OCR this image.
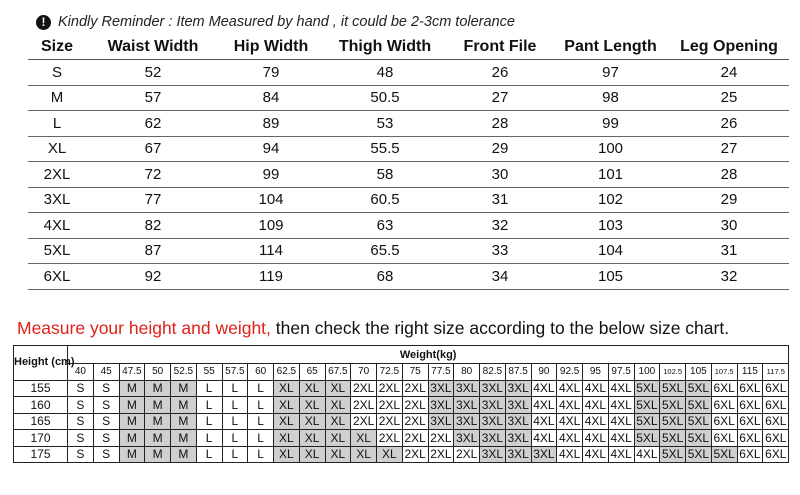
! Kindly Reminder : Item Measured by hand , it could be 2-3cm tolerance
Size	Waist Width	Hip Width	Thigh Width	Front File	Pant Length	Leg Opening
S	52	79	48	26	97	24
M	57	84	50.5	27	98	25
L	62	89	53	28	99	26
XL	67	94	55.5	29	100	27
2XL	72	99	58	30	101	28
3XL	77	104	60.5	31	102	29
4XL	82	109	63	32	103	30
5XL	87	114	65.5	33	104	31
6XL	92	119	68	34	105	32
Measure your height and weight, then check the right size according to the below size chart.
Height (cm)	Weight(kg)																											
	40	45	47.5	50	52.5	55	57.5	60	62.5	65	67.5	70	72.5	75	77.5	80	82.5	87.5	90	92.5	95	97.5	100	102.5	105	107.5	115	117.5
155	S	S	M	M	M	L	L	L	XL	XL	XL	2XL	2XL	2XL	3XL	3XL	3XL	3XL	4XL	4XL	4XL	4XL	5XL	5XL	5XL	6XL	6XL	6XL
160	S	S	M	M	M	L	L	L	XL	XL	XL	2XL	2XL	2XL	3XL	3XL	3XL	3XL	4XL	4XL	4XL	4XL	5XL	5XL	5XL	6XL	6XL	6XL
165	S	S	M	M	M	L	L	L	XL	XL	XL	2XL	2XL	2XL	3XL	3XL	3XL	3XL	4XL	4XL	4XL	4XL	5XL	5XL	5XL	6XL	6XL	6XL
170	S	S	M	M	M	L	L	L	XL	XL	XL	XL	2XL	2XL	2XL	3XL	3XL	3XL	4XL	4XL	4XL	4XL	5XL	5XL	5XL	6XL	6XL	6XL
175	S	S	M	M	M	L	L	L	XL	XL	XL	XL	XL	2XL	2XL	2XL	3XL	3XL	3XL	4XL	4XL	4XL	4XL	5XL	5XL	5XL	6XL	6XL
